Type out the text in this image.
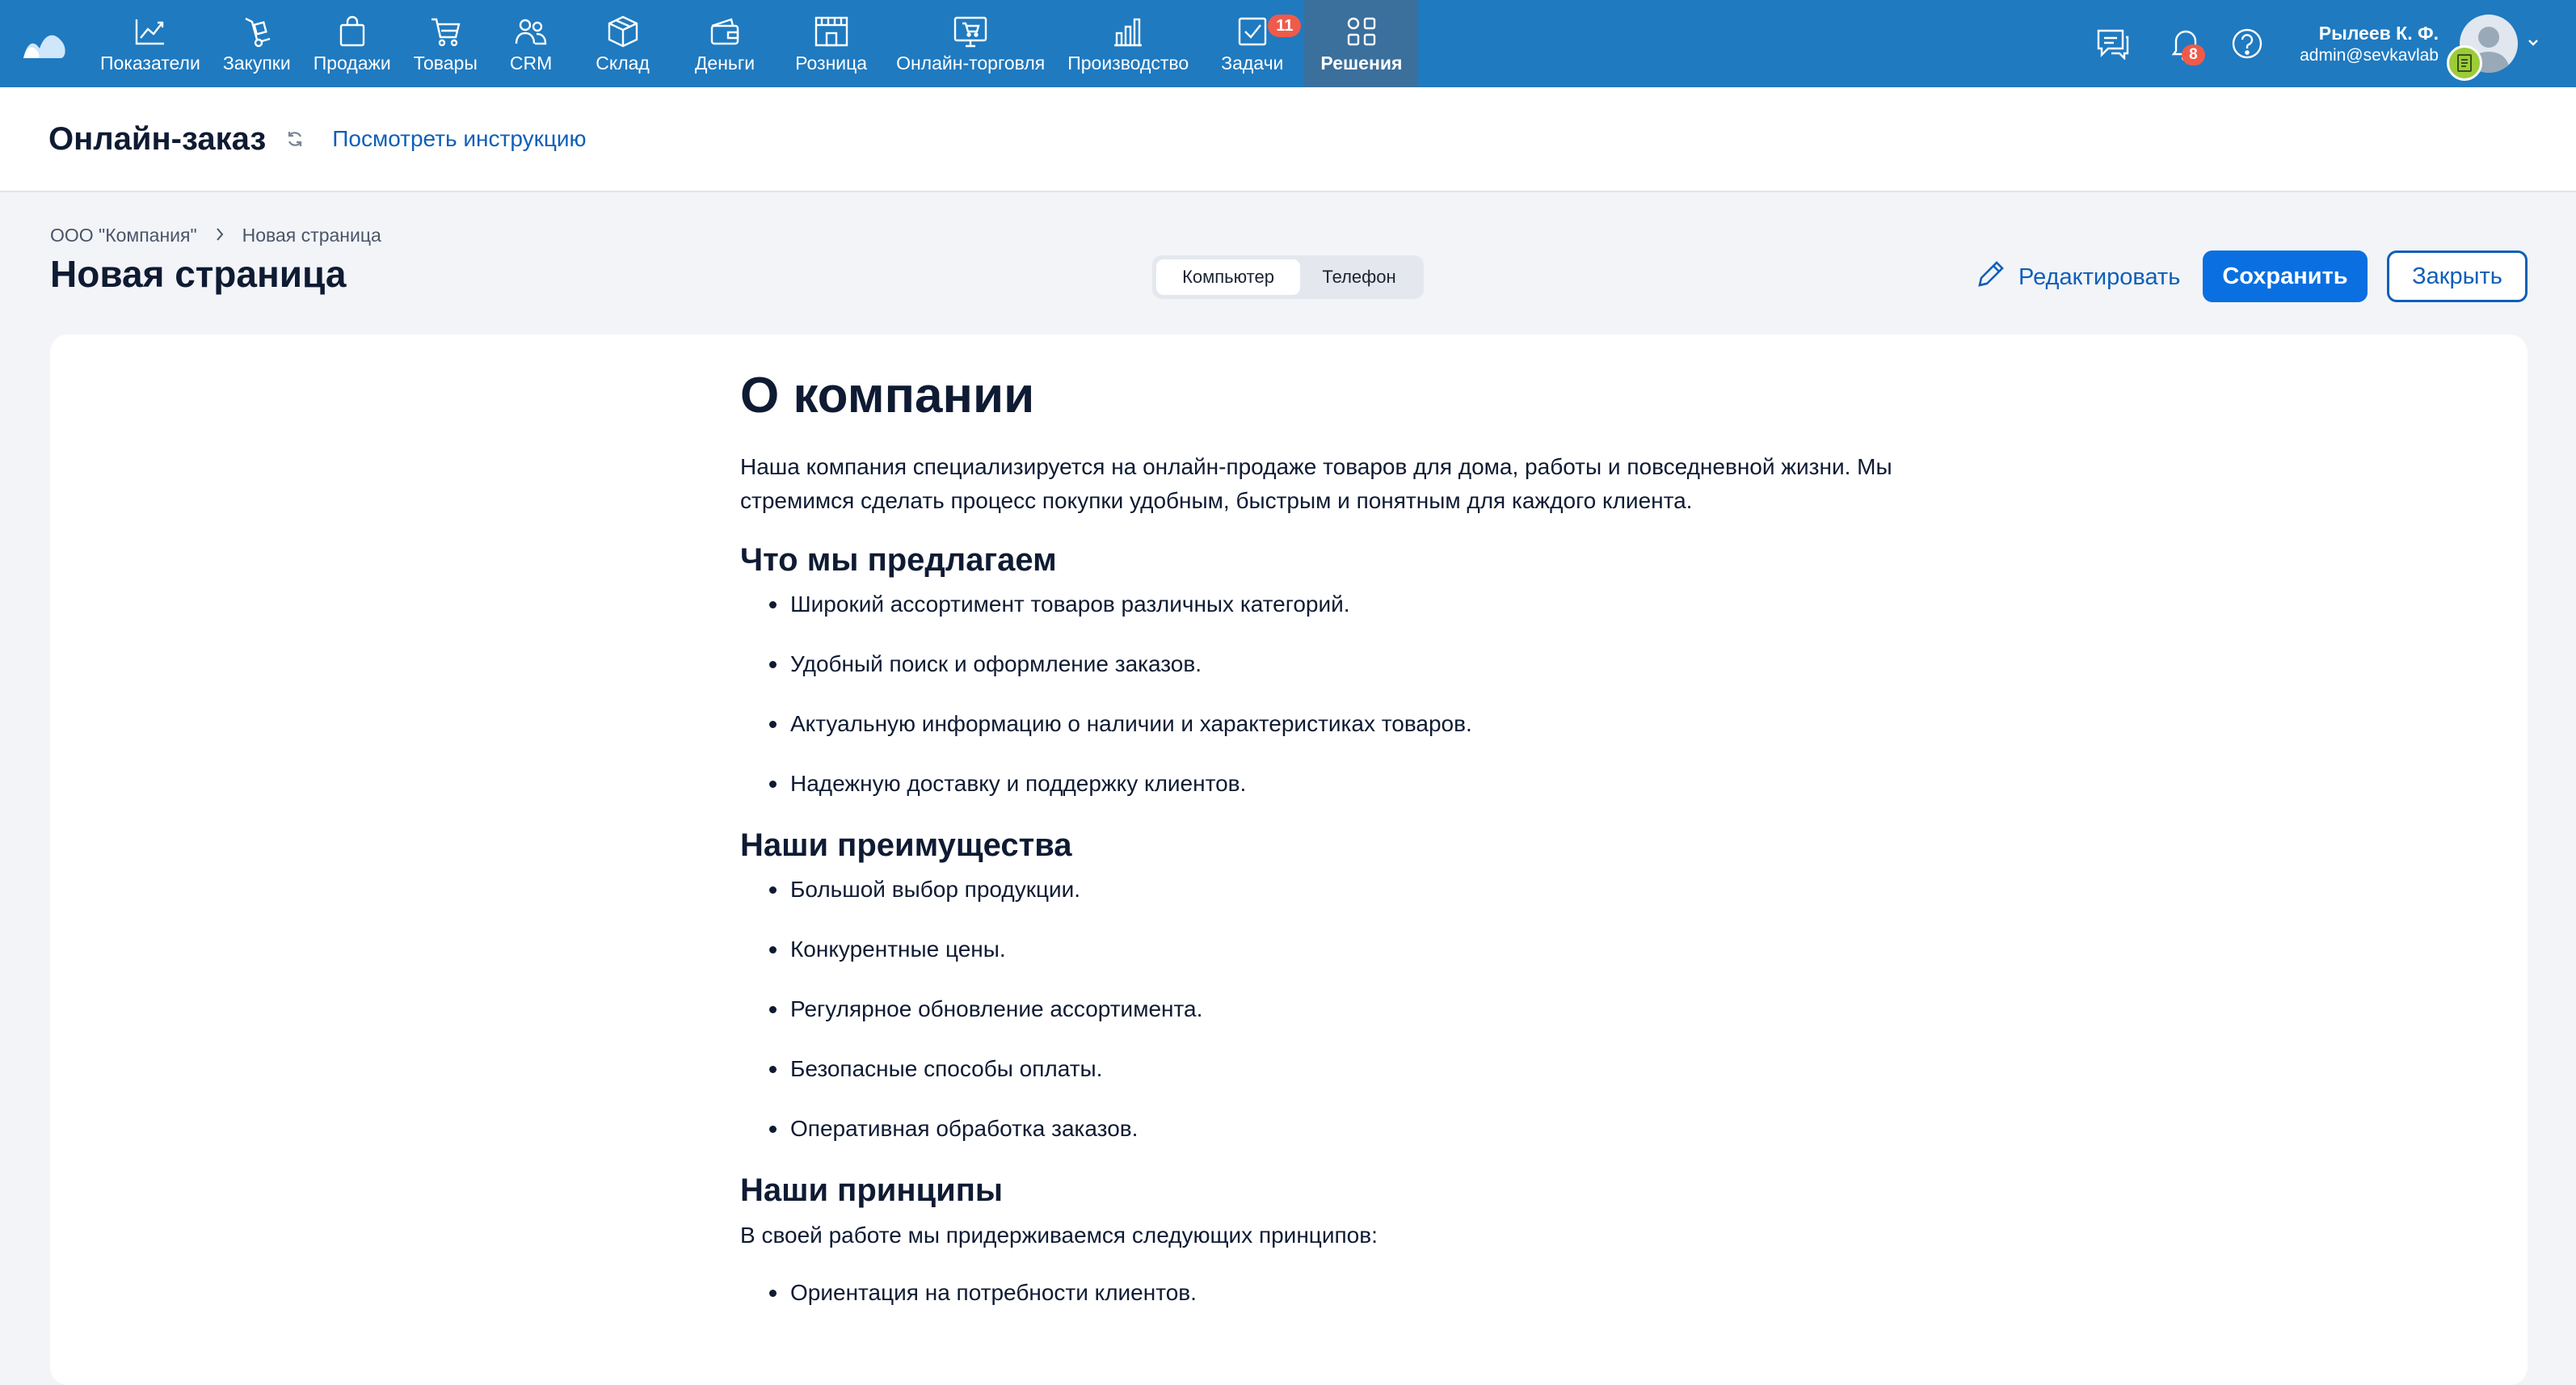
Показатели Закупки Продажи Товары CRM Склад Деньги Розница Онлайн-торговля Производство Задачи
11
Решения	8
Рылеев К. Ф.
admin@sevkavlab
Онлайн-заказ	Посмотреть инструкцию
ООО "Компания" Новая страница
Новая страница	Компьютер	Телефон	Редактировать	Сохранить	Закрыть
О компании

Наша компания специализируется на онлайн-продаже товаров для дома, работы и повседневной жизни. Мы стремимся сделать процесс покупки удобным, быстрым и понятным для каждого клиента.

Что мы предлагаем
Широкий ассортимент товаров различных категорий.
Удобный поиск и оформление заказов.
Актуальную информацию о наличии и характеристиках товаров.
Надежную доставку и поддержку клиентов.
Наши преимущества
Большой выбор продукции.
Конкурентные цены.
Регулярное обновление ассортимента.
Безопасные способы оплаты.
Оперативная обработка заказов.
Наши принципы

В своей работе мы придерживаемся следующих принципов:

Ориентация на потребности клиентов.
